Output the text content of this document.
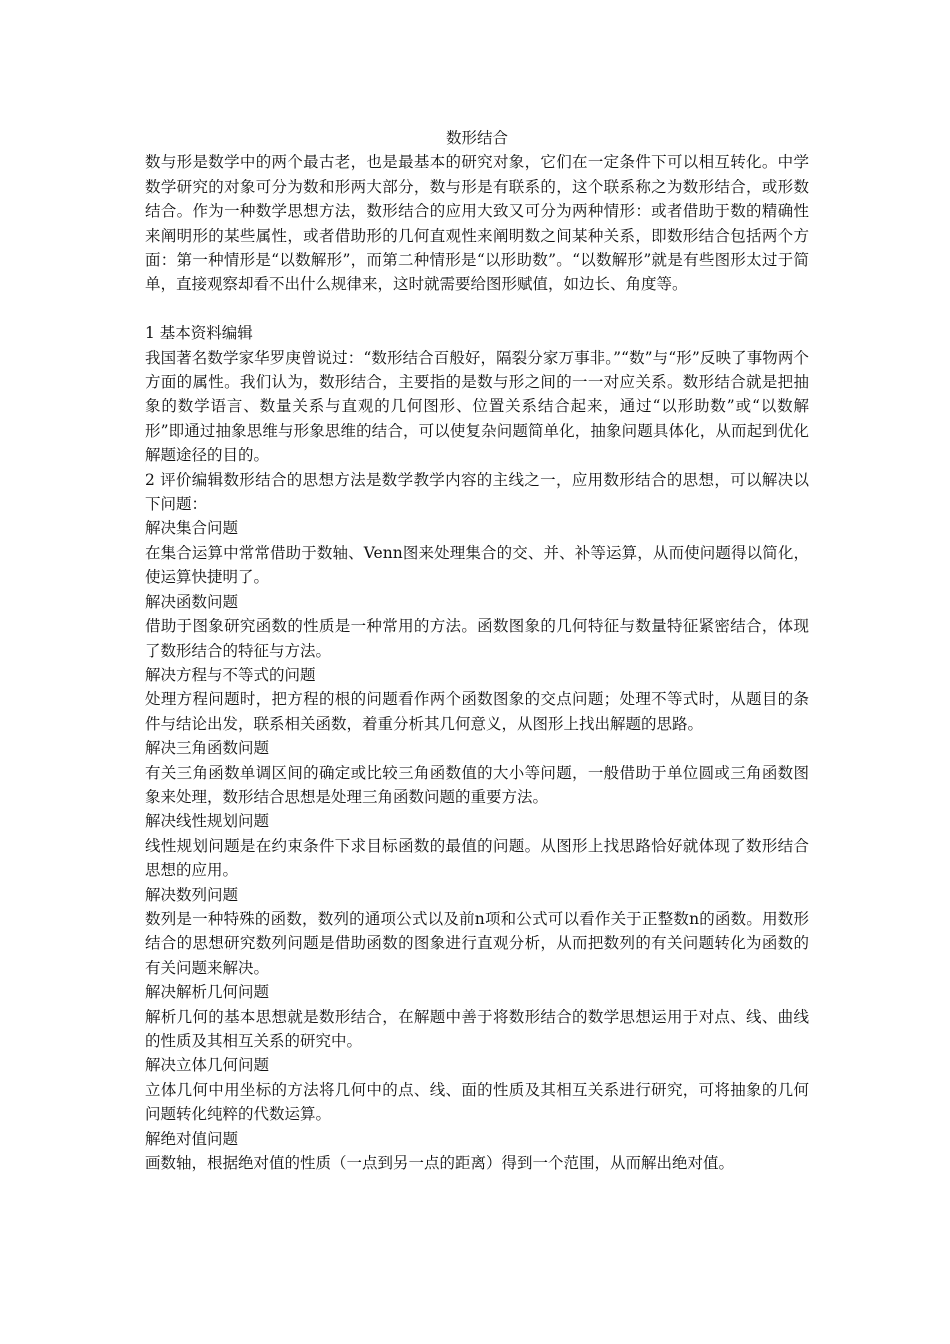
数形结合

数与形是数学中的两个最古老，也是最基本的研究对象，它们在一定条件下可以相互转化。中学数学研究的对象可分为数和形两大部分，数与形是有联系的，这个联系称之为数形结合，或形数结合。作为一种数学思想方法，数形结合的应用大致又可分为两种情形：或者借助于数的精确性来阐明形的某些属性，或者借助形的几何直观性来阐明数之间某种关系，即数形结合包括两个方面：第一种情形是“以数解形”，而第二种情形是“以形助数”。“以数解形”就是有些图形太过于简单，直接观察却看不出什么规律来，这时就需要给图形赋值，如边长、角度等。

1 基本资料编辑

我国著名数学家华罗庚曾说过：“数形结合百般好，隔裂分家万事非。”“数”与“形”反映了事物两个方面的属性。我们认为，数形结合，主要指的是数与形之间的一一对应关系。数形结合就是把抽象的数学语言、数量关系与直观的几何图形、位置关系结合起来，通过“以形助数”或“以数解形”即通过抽象思维与形象思维的结合，可以使复杂问题简单化，抽象问题具体化，从而起到优化解题途径的目的。

2 评价编辑数形结合的思想方法是数学教学内容的主线之一，应用数形结合的思想，可以解决以下问题：

解决集合问题

在集合运算中常常借助于数轴、Venn图来处理集合的交、并、补等运算，从而使问题得以简化，使运算快捷明了。

解决函数问题

借助于图象研究函数的性质是一种常用的方法。函数图象的几何特征与数量特征紧密结合，体现了数形结合的特征与方法。

解决方程与不等式的问题

处理方程问题时，把方程的根的问题看作两个函数图象的交点问题；处理不等式时，从题目的条件与结论出发，联系相关函数，着重分析其几何意义，从图形上找出解题的思路。

解决三角函数问题

有关三角函数单调区间的确定或比较三角函数值的大小等问题，一般借助于单位圆或三角函数图象来处理，数形结合思想是处理三角函数问题的重要方法。

解决线性规划问题

线性规划问题是在约束条件下求目标函数的最值的问题。从图形上找思路恰好就体现了数形结合思想的应用。

解决数列问题

数列是一种特殊的函数，数列的通项公式以及前n项和公式可以看作关于正整数n的函数。用数形结合的思想研究数列问题是借助函数的图象进行直观分析，从而把数列的有关问题转化为函数的有关问题来解决。

解决解析几何问题

解析几何的基本思想就是数形结合，在解题中善于将数形结合的数学思想运用于对点、线、曲线的性质及其相互关系的研究中。

解决立体几何问题

立体几何中用坐标的方法将几何中的点、线、面的性质及其相互关系进行研究，可将抽象的几何问题转化纯粹的代数运算。

解绝对值问题

画数轴，根据绝对值的性质（一点到另一点的距离）得到一个范围，从而解出绝对值。
